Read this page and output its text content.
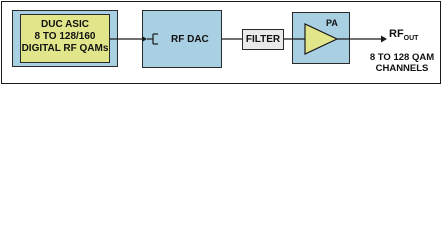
DUC ASIC
8 TO 128/160
DIGITAL RF QAMs
RF DAC	FILTER
PA
$RF_{OUT}$
8 TO 128 QAM
CHANNELS
